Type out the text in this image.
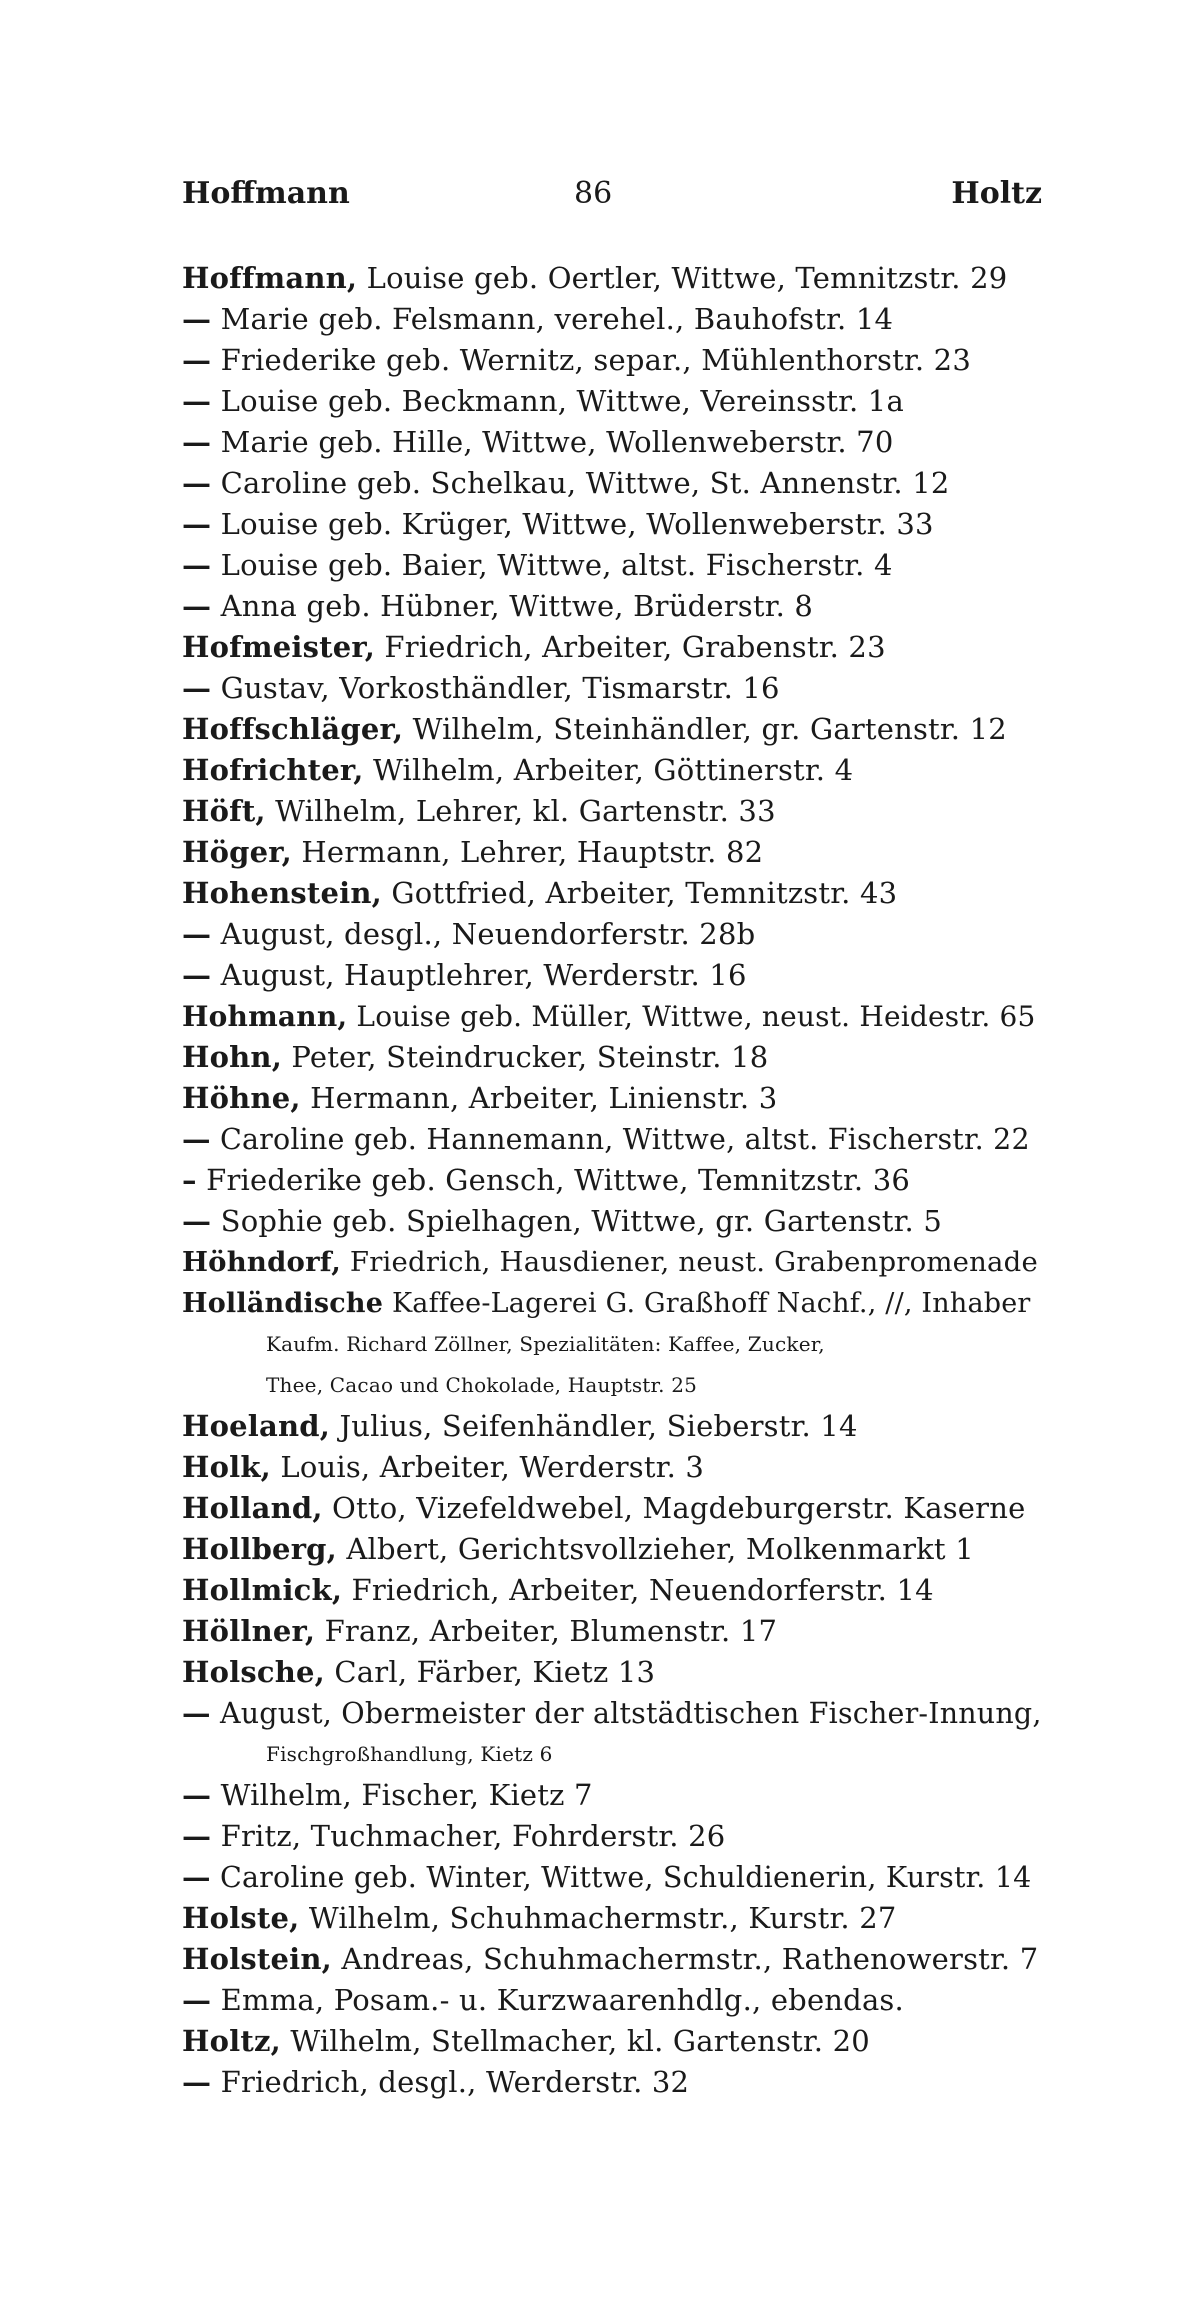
Hoffmann	86	Holtz
Hoffmann, Louise geb. Oertler, Wittwe, Temnitzstr. 29
— Marie geb. Felsmann, verehel., Bauhofstr. 14
— Friederike geb. Wernitz, separ., Mühlenthorstr. 23
— Louise geb. Beckmann, Wittwe, Vereinsstr. 1a
— Marie geb. Hille, Wittwe, Wollenweberstr. 70
— Caroline geb. Schelkau, Wittwe, St. Annenstr. 12
— Louise geb. Krüger, Wittwe, Wollenweberstr. 33
— Louise geb. Baier, Wittwe, altst. Fischerstr. 4
— Anna geb. Hübner, Wittwe, Brüderstr. 8
Hofmeister, Friedrich, Arbeiter, Grabenstr. 23
— Gustav, Vorkosthändler, Tismarstr. 16
Hoffschläger, Wilhelm, Steinhändler, gr. Gartenstr. 12
Hofrichter, Wilhelm, Arbeiter, Göttinerstr. 4
Höft, Wilhelm, Lehrer, kl. Gartenstr. 33
Höger, Hermann, Lehrer, Hauptstr. 82
Hohenstein, Gottfried, Arbeiter, Temnitzstr. 43
— August, desgl., Neuendorferstr. 28b
— August, Hauptlehrer, Werderstr. 16
Hohmann, Louise geb. Müller, Wittwe, neust. Heidestr. 65
Hohn, Peter, Steindrucker, Steinstr. 18
Höhne, Hermann, Arbeiter, Linienstr. 3
— Caroline geb. Hannemann, Wittwe, altst. Fischerstr. 22
– Friederike geb. Gensch, Wittwe, Temnitzstr. 36
— Sophie geb. Spielhagen, Wittwe, gr. Gartenstr. 5
Höhndorf, Friedrich, Hausdiener, neust. Grabenpromenade
Holländische Kaffee-Lagerei G. Graßhoff Nachf., //, Inhaber
Kaufm. Richard Zöllner, Spezialitäten: Kaffee, Zucker,
Thee, Cacao und Chokolade, Hauptstr. 25
Hoeland, Julius, Seifenhändler, Sieberstr. 14
Holk, Louis, Arbeiter, Werderstr. 3
Holland, Otto, Vizefeldwebel, Magdeburgerstr. Kaserne
Hollberg, Albert, Gerichtsvollzieher, Molkenmarkt 1
Hollmick, Friedrich, Arbeiter, Neuendorferstr. 14
Höllner, Franz, Arbeiter, Blumenstr. 17
Holsche, Carl, Färber, Kietz 13
— August, Obermeister der altstädtischen Fischer-Innung,
Fischgroßhandlung, Kietz 6
— Wilhelm, Fischer, Kietz 7
— Fritz, Tuchmacher, Fohrderstr. 26
— Caroline geb. Winter, Wittwe, Schuldienerin, Kurstr. 14
Holste, Wilhelm, Schuhmachermstr., Kurstr. 27
Holstein, Andreas, Schuhmachermstr., Rathenowerstr. 7
— Emma, Posam.- u. Kurzwaarenhdlg., ebendas.
Holtz, Wilhelm, Stellmacher, kl. Gartenstr. 20
— Friedrich, desgl., Werderstr. 32
